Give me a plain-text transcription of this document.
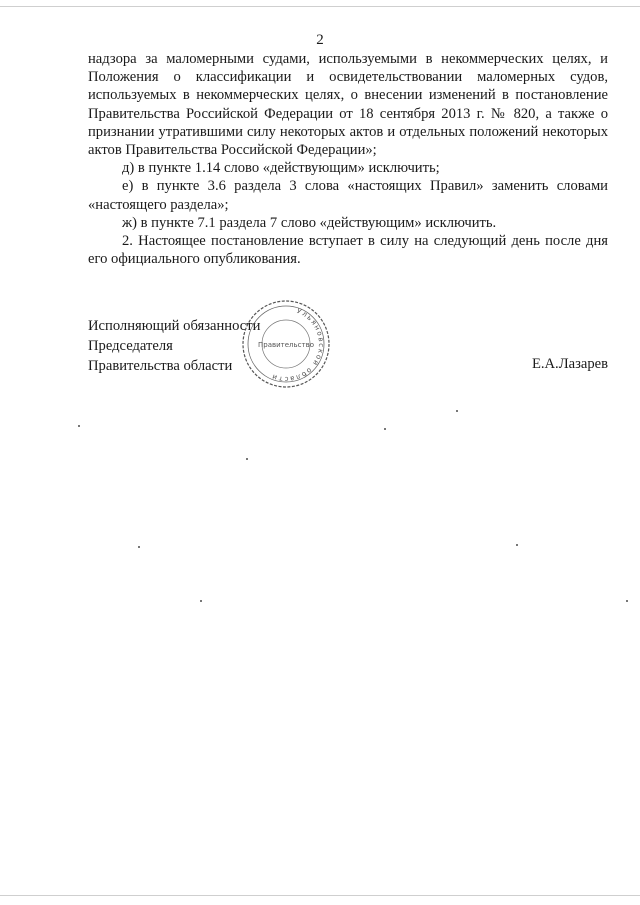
2

надзора за маломерными судами, используемыми в некоммерческих целях, и Положения о классификации и освидетельствовании маломерных судов, используемых в некоммерческих целях, о внесении изменений в постановление Правительства Российской Федерации от 18 сентября 2013 г. № 820, а также о признании утратившими силу некоторых актов и отдельных положений некоторых актов Правительства Российской Федерации»;

д) в пункте 1.14 слово «действующим» исключить;

е) в пункте 3.6 раздела 3 слова «настоящих Правил» заменить словами «настоящего раздела»;

ж) в пункте 7.1 раздела 7 слово «действующим» исключить.

2. Настоящее постановление вступает в силу на следующий день после дня его официального опубликования.

Исполняющий обязанности
Председателя
Правительства области
Ульяновской области
Правительство
Е.А.Лазарев
